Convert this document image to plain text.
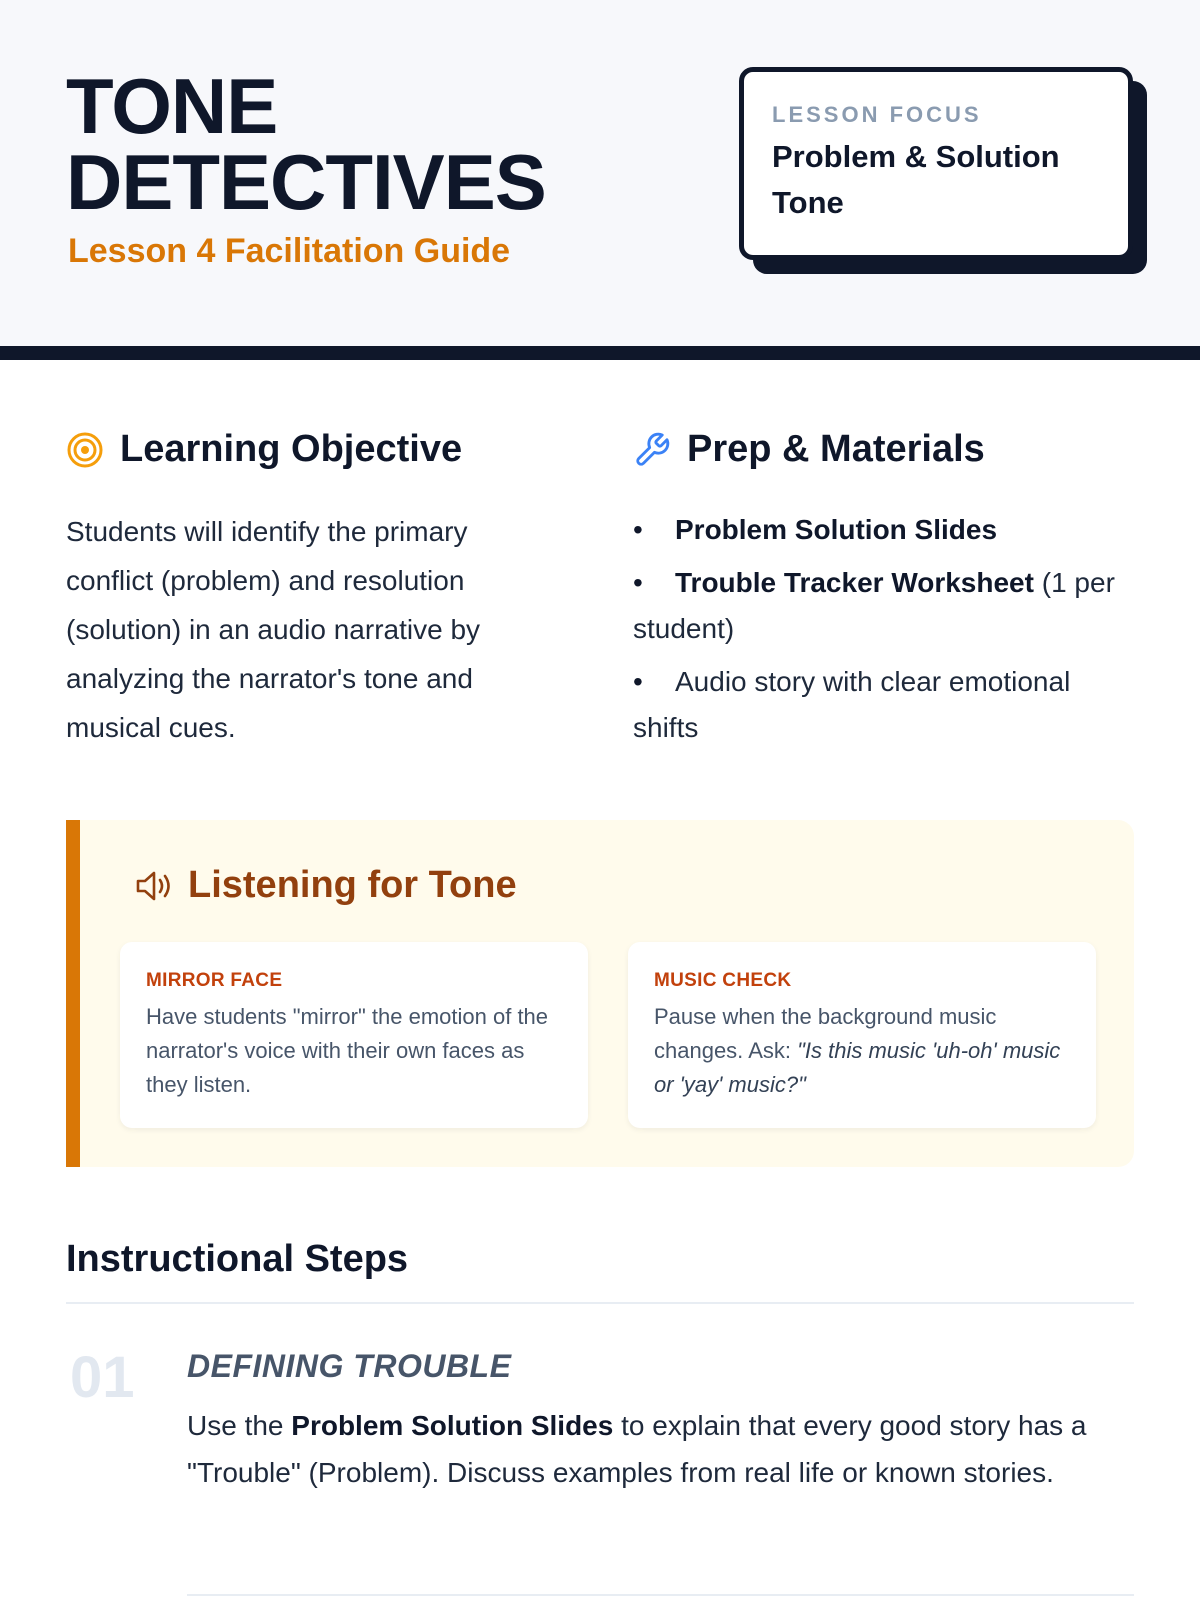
TONE
DETECTIVES
Lesson 4 Facilitation Guide
LESSON FOCUS
Problem & Solution Tone
Learning Objective
Students will identify the primary conflict (problem) and resolution (solution) in an audio narrative by analyzing the narrator's tone and musical cues.
Prep & Materials
• Problem Solution Slides
• Trouble Tracker Worksheet (1 per student)
• Audio story with clear emotional shifts
Listening for Tone
MIRROR FACE
Have students "mirror" the emotion of the narrator's voice with their own faces as they listen.
MUSIC CHECK
Pause when the background music changes. Ask: "Is this music 'uh-oh' music or 'yay' music?"
Instructional Steps
01 DEFINING TROUBLE
Use the Problem Solution Slides to explain that every good story has a "Trouble" (Problem). Discuss examples from real life or known stories.
